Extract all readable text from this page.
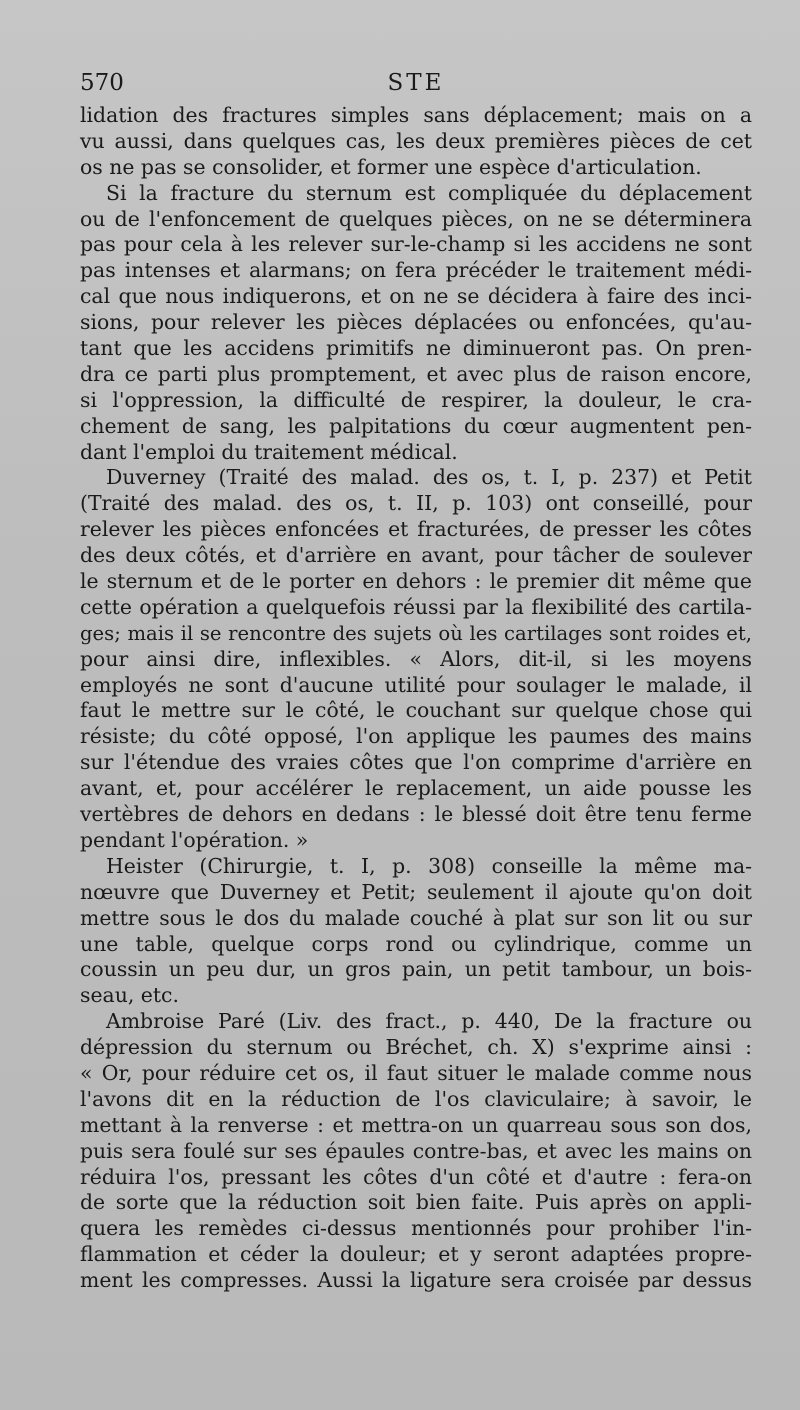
570	STE
lidation des fractures simples sans déplacement; mais on a
vu aussi, dans quelques cas, les deux premières pièces de cet
os ne pas se consolider, et former une espèce d'articulation.
Si la fracture du sternum est compliquée du déplacement
ou de l'enfoncement de quelques pièces, on ne se déterminera
pas pour cela à les relever sur-le-champ si les accidens ne sont
pas intenses et alarmans; on fera précéder le traitement médi-
cal que nous indiquerons, et on ne se décidera à faire des inci-
sions, pour relever les pièces déplacées ou enfoncées, qu'au-
tant que les accidens primitifs ne diminueront pas. On pren-
dra ce parti plus promptement, et avec plus de raison encore,
si l'oppression, la difficulté de respirer, la douleur, le cra-
chement de sang, les palpitations du cœur augmentent pen-
dant l'emploi du traitement médical.
Duverney (Traité des malad. des os, t. I, p. 237) et Petit
(Traité des malad. des os, t. II, p. 103) ont conseillé, pour
relever les pièces enfoncées et fracturées, de presser les côtes
des deux côtés, et d'arrière en avant, pour tâcher de soulever
le sternum et de le porter en dehors : le premier dit même que
cette opération a quelquefois réussi par la flexibilité des cartila-
ges; mais il se rencontre des sujets où les cartilages sont roides et,
pour ainsi dire, inflexibles. « Alors, dit-il, si les moyens
employés ne sont d'aucune utilité pour soulager le malade, il
faut le mettre sur le côté, le couchant sur quelque chose qui
résiste; du côté opposé, l'on applique les paumes des mains
sur l'étendue des vraies côtes que l'on comprime d'arrière en
avant, et, pour accélérer le replacement, un aide pousse les
vertèbres de dehors en dedans : le blessé doit être tenu ferme
pendant l'opération. »
Heister (Chirurgie, t. I, p. 308) conseille la même ma-
nœuvre que Duverney et Petit; seulement il ajoute qu'on doit
mettre sous le dos du malade couché à plat sur son lit ou sur
une table, quelque corps rond ou cylindrique, comme un
coussin un peu dur, un gros pain, un petit tambour, un bois-
seau, etc.
Ambroise Paré (Liv. des fract., p. 440, De la fracture ou
dépression du sternum ou Bréchet, ch. X) s'exprime ainsi :
« Or, pour réduire cet os, il faut situer le malade comme nous
l'avons dit en la réduction de l'os claviculaire; à savoir, le
mettant à la renverse : et mettra-on un quarreau sous son dos,
puis sera foulé sur ses épaules contre-bas, et avec les mains on
réduira l'os, pressant les côtes d'un côté et d'autre : fera-on
de sorte que la réduction soit bien faite. Puis après on appli-
quera les remèdes ci-dessus mentionnés pour prohiber l'in-
flammation et céder la douleur; et y seront adaptées propre-
ment les compresses. Aussi la ligature sera croisée par dessus
